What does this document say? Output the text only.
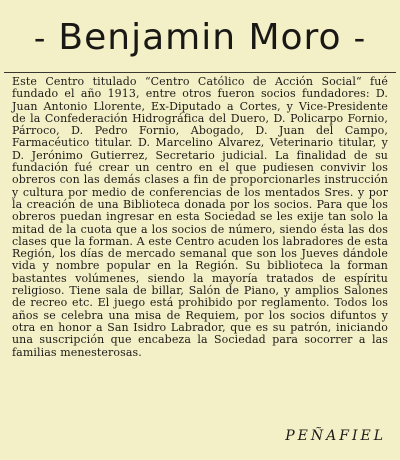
- Benjamin Moro -

Este Centro titulado “Centro Católico de Acción Social“ fué fundado el año 1913, entre otros fueron socios fundadores: D. Juan Antonio Llorente, Ex-Diputado a Cortes, y Vice-Presidente de la Confederación Hidrográfica del Duero, D. Policarpo Fornio, Párroco, D. Pedro Fornio, Abogado, D. Juan del Campo, Farmacéutico titular. D. Marcelino Alvarez, Veterinario titular, y D. Jerónimo Gutierrez, Secretario judicial. La finalidad de su fundación fué crear un centro en el que pudiesen convivir los obreros con las demás clases a fin de proporcionarles instrucción y cultura por medio de conferencias de los mentados Sres. y por la creación de una Biblioteca donada por los socios. Para que los obreros puedan ingresar en esta Sociedad se les exije tan solo la mitad de la cuota que a los socios de número, siendo ésta las dos clases que la forman. A este Centro acuden los labradores de esta Región, los días de mercado semanal que son los Jueves dándole vida y nombre popular en la Región. Su biblioteca la forman bastantes volúmenes, siendo la mayoría tratados de espíritu religioso. Tiene sala de billar, Salón de Piano, y amplios Salones de recreo etc. El juego está prohibido por reglamento. Todos los años se celebra una misa de Requiem, por los socios difuntos y otra en honor a San Isidro Labrador, que es su patrón, iniciando una suscripción que encabeza la Sociedad para socorrer a las familias menesterosas.

PEÑAFIEL
